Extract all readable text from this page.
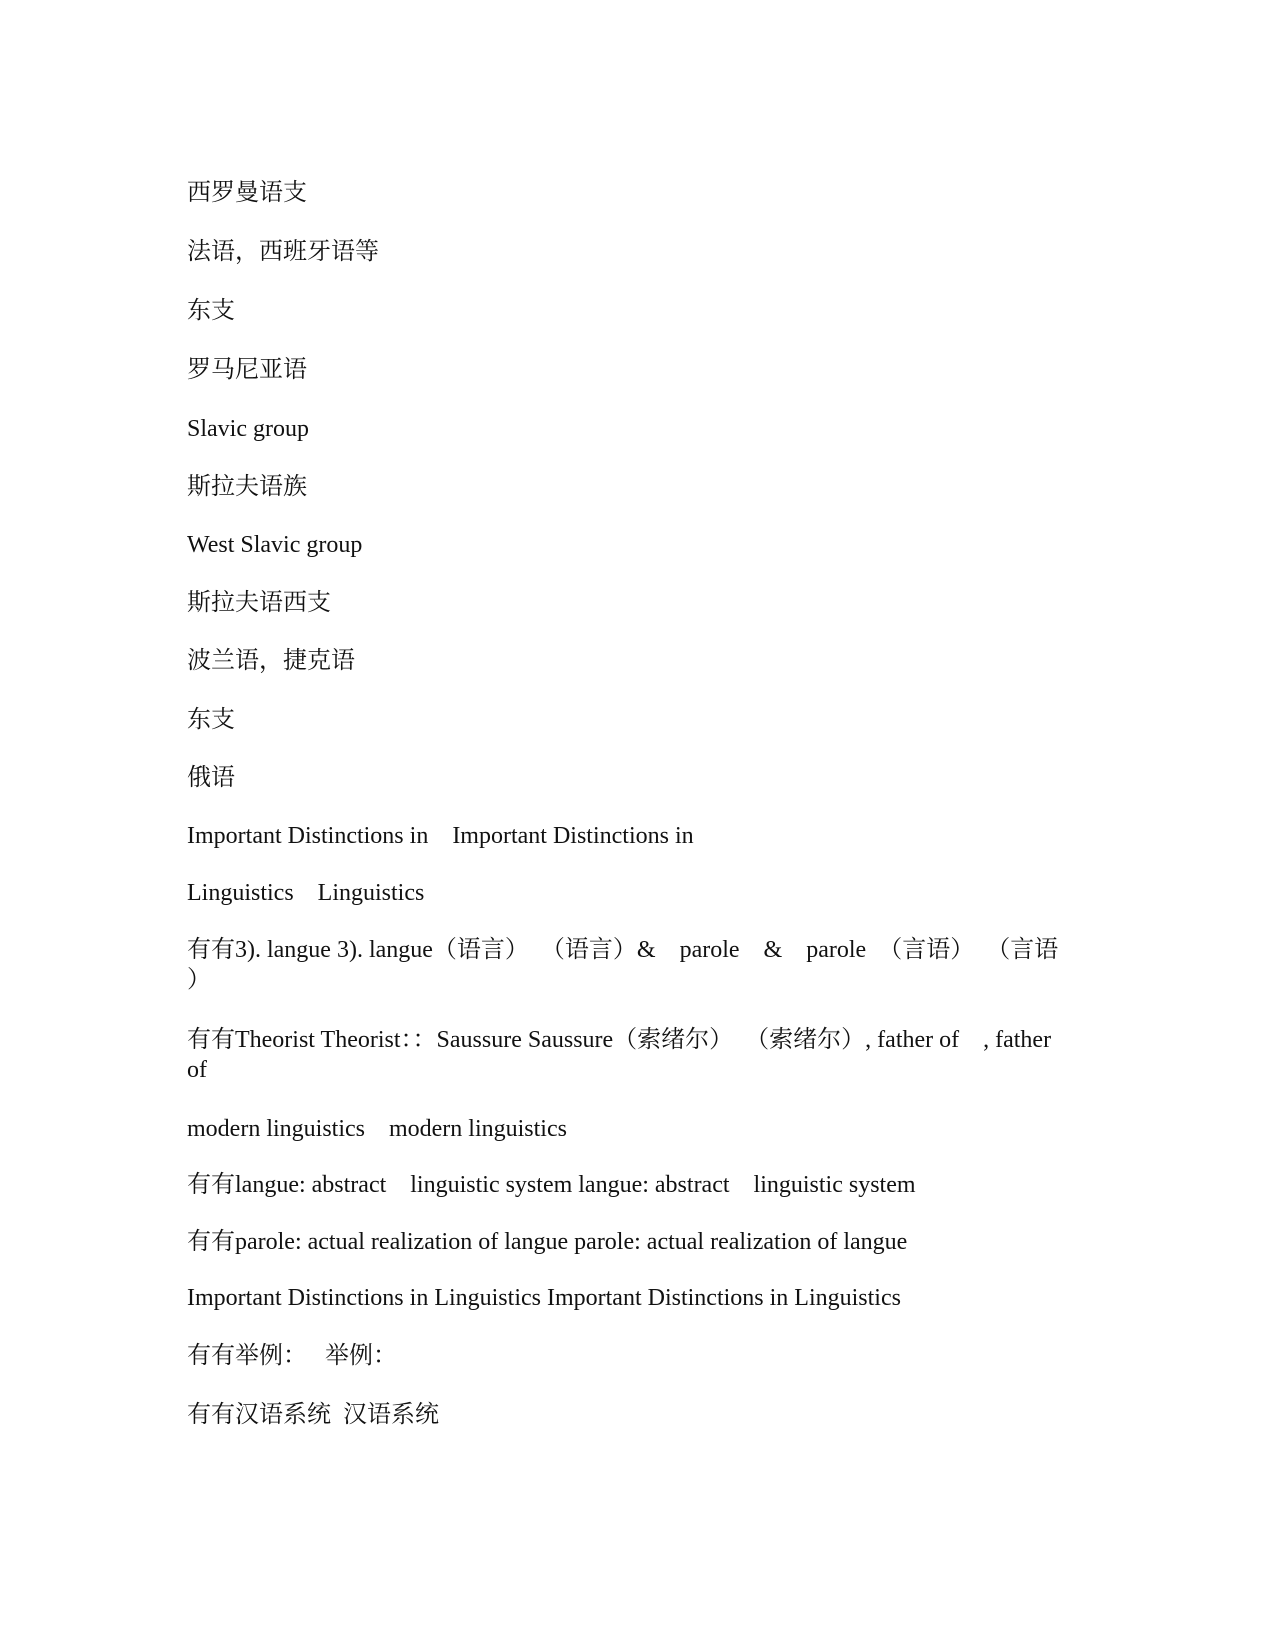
西罗曼语支
法语，西班牙语等
东支
罗马尼亚语
Slavic group
斯拉夫语族
West Slavic group
斯拉夫语西支
波兰语，捷克语
东支
俄语
Important Distinctions in    Important Distinctions in
Linguistics    Linguistics
有有3). langue 3). langue（语言）  （语言）&    parole    &    parole  （言语）  （言语
）
有有Theorist Theorist：：Saussure Saussure（索绪尔）  （索绪尔）, father of    , father
of
modern linguistics    modern linguistics
有有langue: abstract    linguistic system langue: abstract    linguistic system
有有parole: actual realization of langue parole: actual realization of langue
Important Distinctions in Linguistics Important Distinctions in Linguistics
有有举例：   举例：
有有汉语系统  汉语系统
